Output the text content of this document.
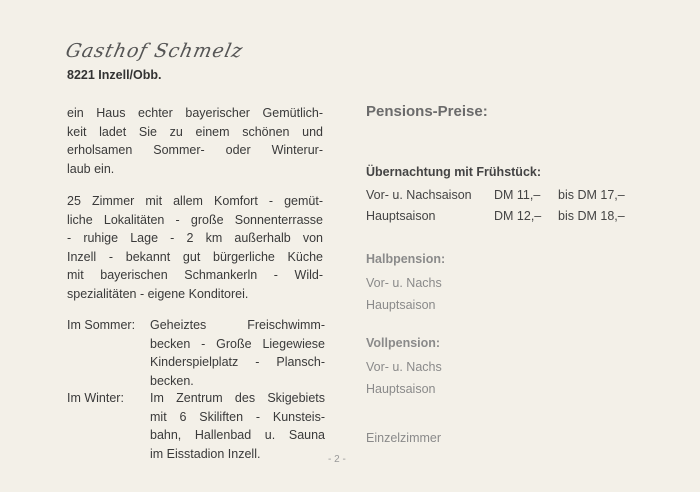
Gasthof Schmelz
8221 Inzell/Obb.
ein Haus echter bayerischer Gemütlich-
keit ladet Sie zu einem schönen und
erholsamen Sommer- oder Winterur-
laub ein.
25 Zimmer mit allem Komfort - gemüt-
liche Lokalitäten - große Sonnenterrasse
- ruhige Lage - 2 km außerhalb von
Inzell - bekannt gut bürgerliche Küche
mit bayerischen Schmankerln - Wild-
spezialitäten - eigene Konditorei.
Im Sommer:	Geheiztes Freischwimm-
becken - Große Liegewiese
Kinderspielplatz - Plansch-
becken.
Im Winter:	Im Zentrum des Skigebiets
mit 6 Skiliften - Kunsteis-
bahn, Hallenbad u. Sauna
im Eisstadion Inzell.
Pensions-Preise:
Übernachtung mit Frühstück:
Vor- u. Nachsaison DM 11,– bis DM 17,–
Hauptsaison	DM 12,– bis DM 18,–
Halbpension:
Vor- u. Nachs
Hauptsaison
Vollpension:
Vor- u. Nachs
Hauptsaison
Einzelzimmer
- 2 -
